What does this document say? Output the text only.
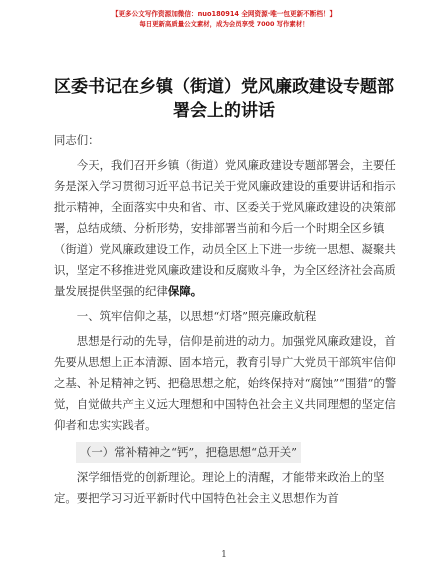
【更多公文写作资源加微信：nuo180914 全网资源·唯一包更新不断档！】
每日更新高质量公文素材，成为会员享受 7000 写作素材！
区委书记在乡镇（街道）党风廉政建设专题部
署会上的讲话

同志们：

今天，我们召开乡镇（街道）党风廉政建设专题部署会，主要任务是深入学习贯彻习近平总书记关于党风廉政建设的重要讲话和指示批示精神，全面落实中央和省、市、区委关于党风廉政建设的决策部署，总结成绩、分析形势，安排部署当前和今后一个时期全区乡镇（街道）党风廉政建设工作，动员全区上下进一步统一思想、凝聚共识，坚定不移推进党风廉政建设和反腐败斗争，为全区经济社会高质量发展提供坚强的纪律保障。

一、筑牢信仰之基，以思想“灯塔”照亮廉政航程

思想是行动的先导，信仰是前进的动力。加强党风廉政建设，首先要从思想上正本清源、固本培元，教育引导广大党员干部筑牢信仰之基、补足精神之钙、把稳思想之舵，始终保持对“腐蚀”“围猎”的警觉，自觉做共产主义远大理想和中国特色社会主义共同理想的坚定信仰者和忠实实践者。

（一）常补精神之“钙”，把稳思想“总开关”

深学细悟党的创新理论。理论上的清醒，才能带来政治上的坚定。要把学习习近平新时代中国特色社会主义思想作为首

1
